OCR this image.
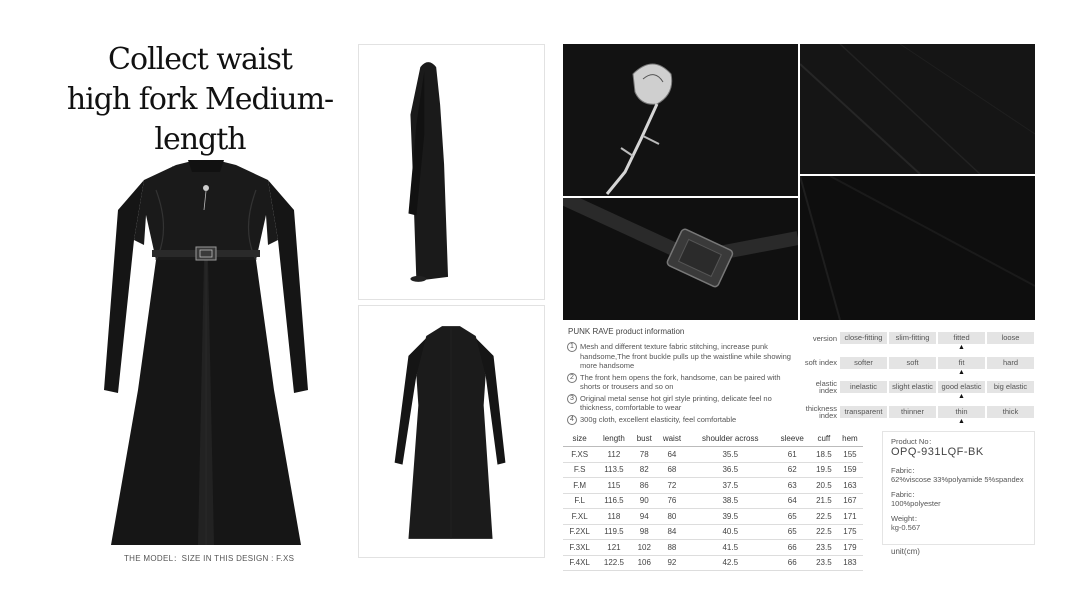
Collect waist
high fork Medium-length
THE MODEL：SIZE IN THIS DESIGN : F.XS
PUNK RAVE product information
1 Mesh and different texture fabric stitching, increase punk handsome,The front buckle pulls up the waistline while showing more handsome
2 The front hem opens the fork, handsome, can be paired with shorts or trousers and so on
3 Original metal sense hot girl style printing, delicate feel no thickness, comfortable to wear
4 300g cloth, excellent elasticity, feel comfortable
version	close-fitting	slim-fitting	fitted ▲	loose
soft index	softer	soft	fit ▲	hard
elastic index	inelastic	slight elastic	good elastic ▲	big elastic
thickness index	transparent	thinner	thin ▲	thick
size	length	bust	waist	shoulder across	sleeve	cuff	hem
F.XS	112	78	64	35.5	61	18.5	155
F.S	113.5	82	68	36.5	62	19.5	159
F.M	115	86	72	37.5	63	20.5	163
F.L	116.5	90	76	38.5	64	21.5	167
F.XL	118	94	80	39.5	65	22.5	171
F.2XL	119.5	98	84	40.5	65	22.5	175
F.3XL	121	102	88	41.5	66	23.5	179
F.4XL	122.5	106	92	42.5	66	23.5	183
Product No：
OPQ-931LQF-BK
Fabric：
62%viscose 33%polyamide 5%spandex
Fabric：
100%polyester
Weight：
kg-0.567
unit(cm)
